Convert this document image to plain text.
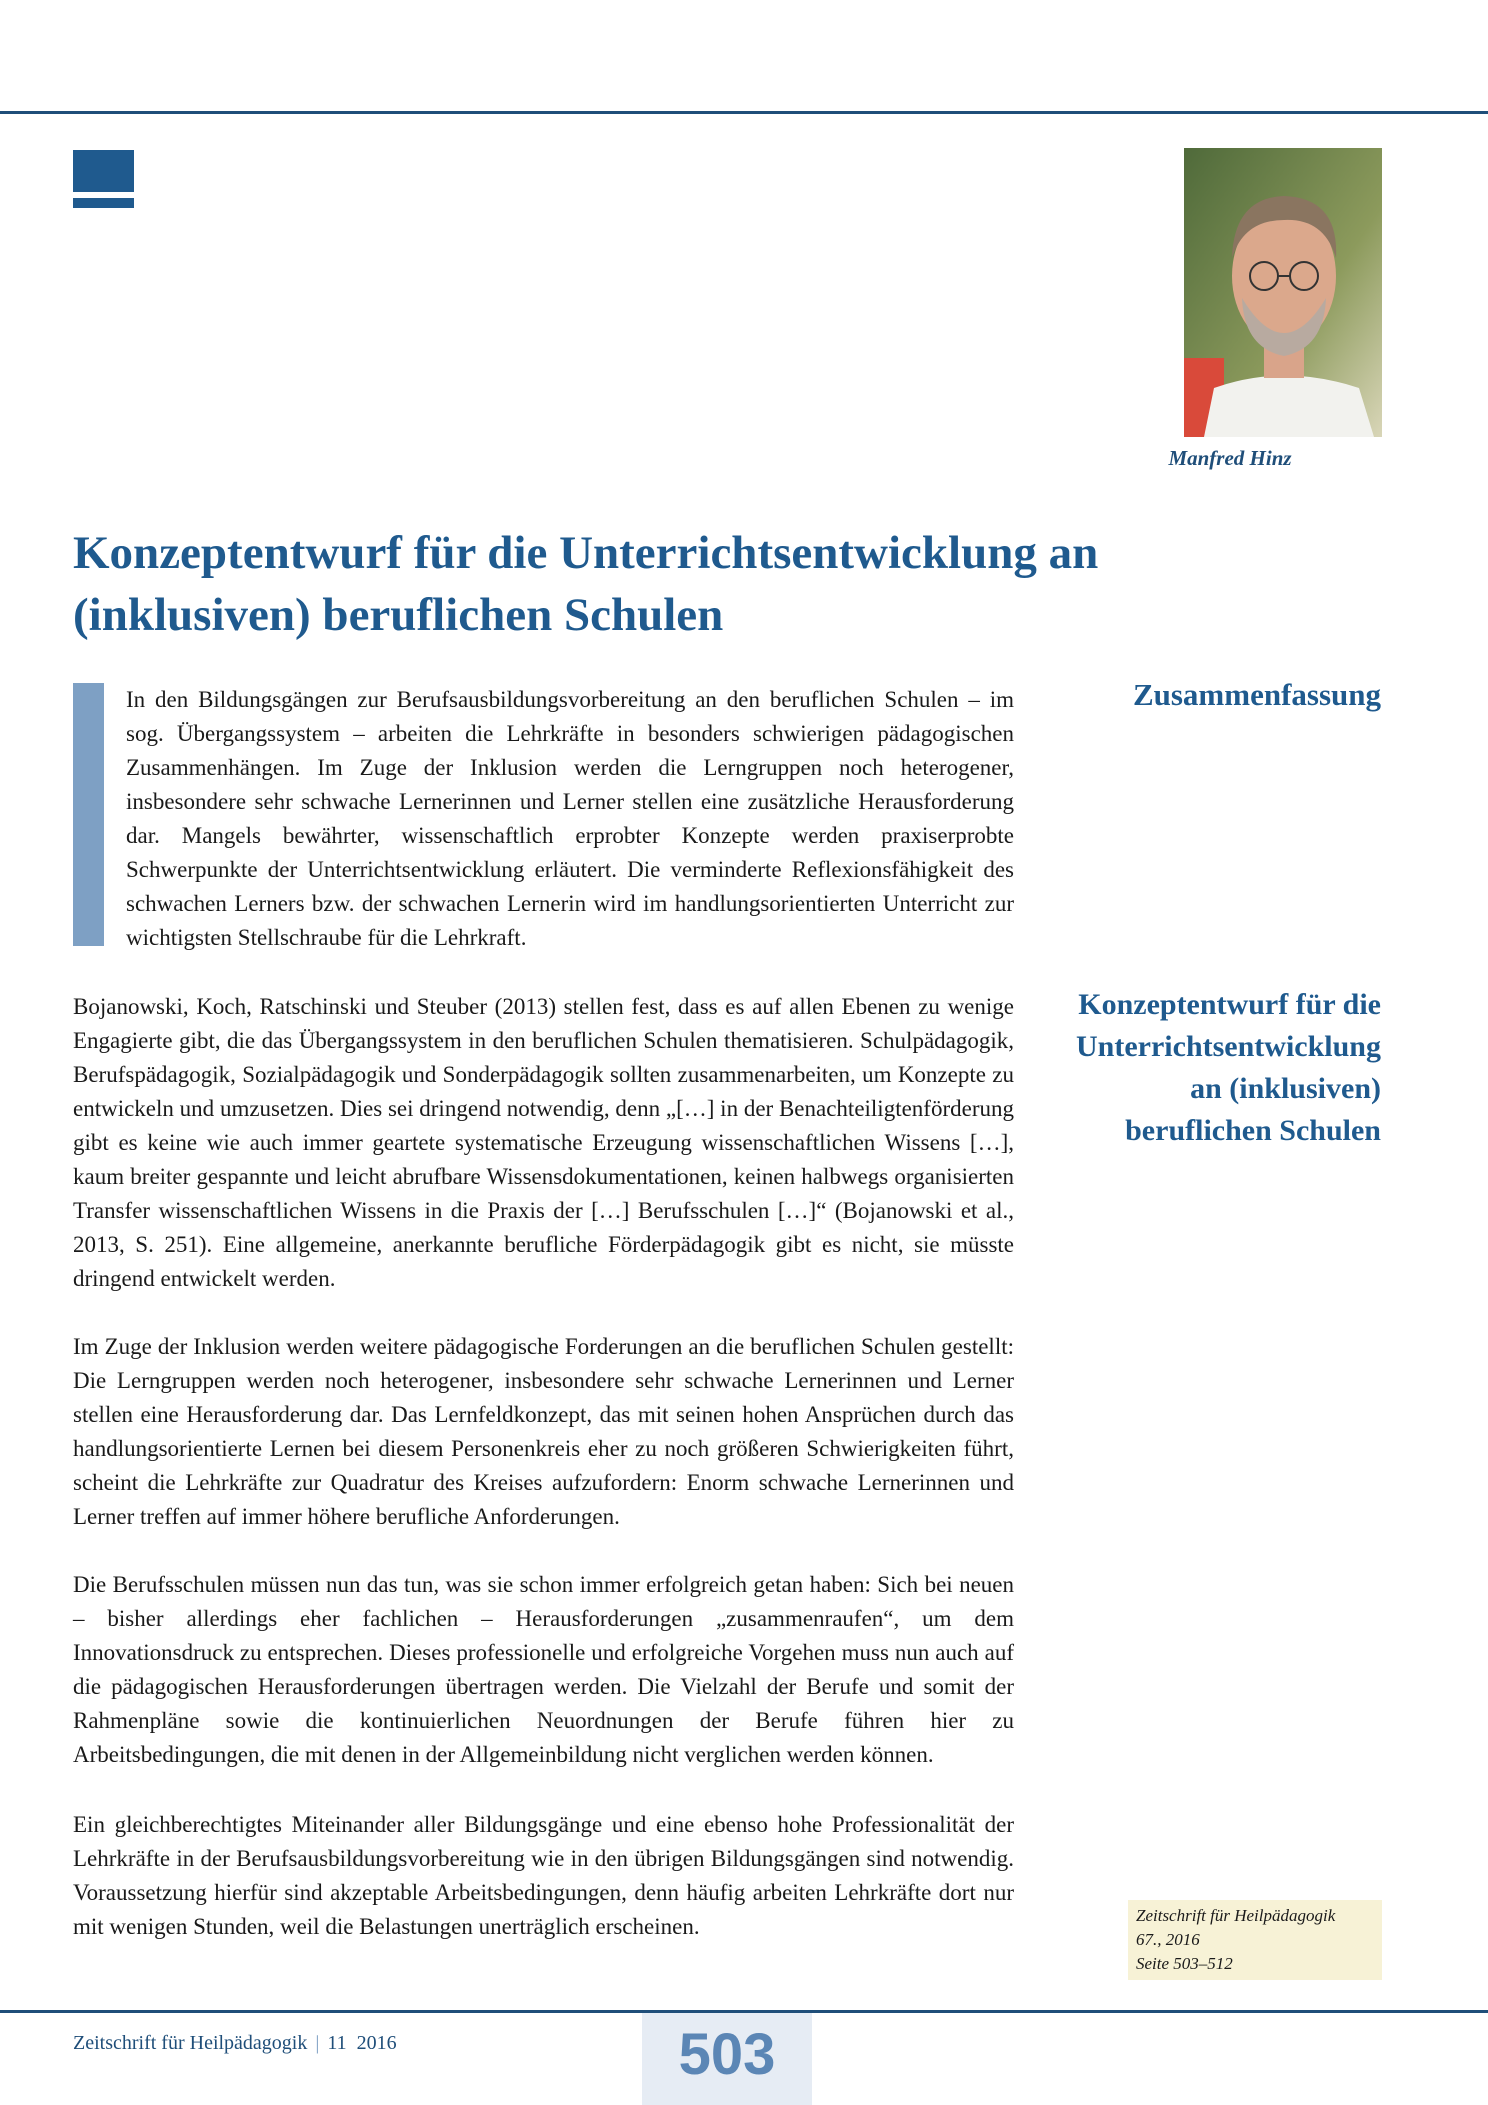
Manfred Hinz
Konzeptentwurf für die Unterrichtsentwicklung an (inklusiven) beruflichen Schulen

In den Bildungsgängen zur Berufsausbildungsvorbereitung an den beruflichen Schulen – im sog. Übergangssystem – arbeiten die Lehrkräfte in besonders schwierigen pädagogischen Zusammenhängen. Im Zuge der Inklusion werden die Lerngruppen noch heterogener, insbesondere sehr schwache Lernerinnen und Lerner stellen eine zusätzliche Herausforderung dar. Mangels bewährter, wissenschaftlich erprobter Konzepte werden praxiserprobte Schwerpunkte der Unterrichtsentwicklung erläutert. Die verminderte Reflexionsfähigkeit des schwachen Lerners bzw. der schwachen Lernerin wird im handlungsorientierten Unterricht zur wichtigsten Stellschraube für die Lehrkraft.

Zusammenfassung
Konzeptentwurf für die
Unterrichtsentwicklung
an (inklusiven)
beruflichen Schulen

Bojanowski, Koch, Ratschinski und Steuber (2013) stellen fest, dass es auf allen Ebenen zu wenige Engagierte gibt, die das Übergangssystem in den beruflichen Schulen thematisieren. Schulpädagogik, Berufspädagogik, Sozialpädagogik und Sonderpädagogik sollten zusammenarbeiten, um Konzepte zu entwickeln und umzusetzen. Dies sei dringend notwendig, denn „[…] in der Benachteiligtenförderung gibt es keine wie auch immer geartete systematische Erzeugung wissenschaftlichen Wissens […], kaum breiter gespannte und leicht abrufbare Wissensdokumentationen, keinen halbwegs organisierten Transfer wissenschaftlichen Wissens in die Praxis der […] Berufsschulen […]“ (Bojanowski et al., 2013, S. 251). Eine allgemeine, anerkannte berufliche Förderpädagogik gibt es nicht, sie müsste dringend entwickelt werden.

Im Zuge der Inklusion werden weitere pädagogische Forderungen an die beruflichen Schulen gestellt: Die Lerngruppen werden noch heterogener, insbesondere sehr schwache Lernerinnen und Lerner stellen eine Herausforderung dar. Das Lernfeldkonzept, das mit seinen hohen Ansprüchen durch das handlungsorientierte Lernen bei diesem Personenkreis eher zu noch größeren Schwierigkeiten führt, scheint die Lehrkräfte zur Quadratur des Kreises aufzufordern: Enorm schwache Lernerinnen und Lerner treffen auf immer höhere berufliche Anforderungen.

Die Berufsschulen müssen nun das tun, was sie schon immer erfolgreich getan haben: Sich bei neuen – bisher allerdings eher fachlichen – Herausforderungen „zusammenraufen“, um dem Innovationsdruck zu entsprechen. Dieses professionelle und erfolgreiche Vorgehen muss nun auch auf die pädagogischen Herausforderungen übertragen werden. Die Vielzahl der Berufe und somit der Rahmenpläne sowie die kontinuierlichen Neuordnungen der Berufe führen hier zu Arbeitsbedingungen, die mit denen in der Allgemeinbildung nicht verglichen werden können.

Ein gleichberechtigtes Miteinander aller Bildungsgänge und eine ebenso hohe Professionalität der Lehrkräfte in der Berufsausbildungsvorbereitung wie in den übrigen Bildungsgängen sind notwendig. Voraussetzung hierfür sind akzeptable Arbeitsbedingungen, denn häufig arbeiten Lehrkräfte dort nur mit wenigen Stunden, weil die Belastungen unerträglich erscheinen.	Zeitschrift für Heilpädagogik
67., 2016
Seite 503–512
Zeitschrift für Heilpädagogik | 11 2016	503
